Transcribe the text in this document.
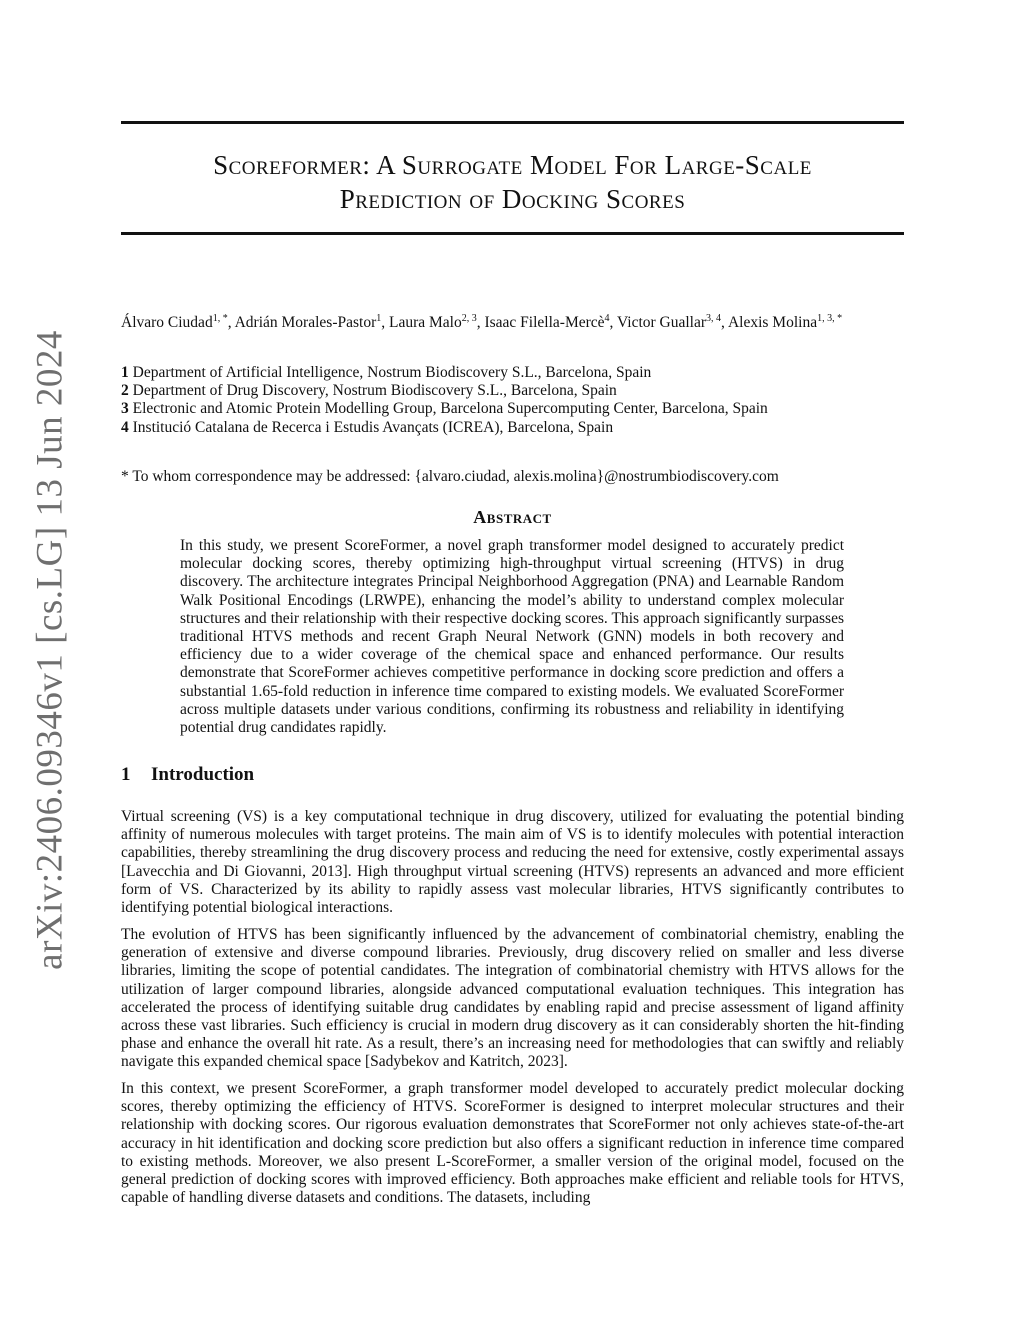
arXiv:2406.09346v1 [cs.LG] 13 Jun 2024
Scoreformer: A Surrogate Model For Large-Scale
Prediction of Docking Scores
Álvaro Ciudad$^{1, *}$, Adrián Morales-Pastor$^1$, Laura Malo$^{2, 3}$, Isaac Filella-Mercè$^4$, Victor Guallar$^{3, 4}$, Alexis Molina$^{1, 3, *}$
1 Department of Artificial Intelligence, Nostrum Biodiscovery S.L., Barcelona, Spain
2 Department of Drug Discovery, Nostrum Biodiscovery S.L., Barcelona, Spain
3 Electronic and Atomic Protein Modelling Group, Barcelona Supercomputing Center, Barcelona, Spain
4 Institució Catalana de Recerca i Estudis Avançats (ICREA), Barcelona, Spain
* To whom correspondence may be addressed: {alvaro.ciudad, alexis.molina}@nostrumbiodiscovery.com
Abstract
In this study, we present ScoreFormer, a novel graph transformer model designed to accurately predict molecular docking scores, thereby optimizing high-throughput virtual screening (HTVS) in drug discovery. The architecture integrates Principal Neighborhood Aggregation (PNA) and Learnable Random Walk Positional Encodings (LRWPE), enhancing the model’s ability to understand complex molecular structures and their relationship with their respective docking scores. This approach significantly surpasses traditional HTVS methods and recent Graph Neural Network (GNN) models in both recovery and efficiency due to a wider coverage of the chemical space and enhanced performance. Our results demonstrate that ScoreFormer achieves competitive performance in docking score prediction and offers a substantial 1.65-fold reduction in inference time compared to existing models. We evaluated ScoreFormer across multiple datasets under various conditions, confirming its robustness and reliability in identifying potential drug candidates rapidly.
1 Introduction
Virtual screening (VS) is a key computational technique in drug discovery, utilized for evaluating the potential binding affinity of numerous molecules with target proteins. The main aim of VS is to identify molecules with potential interaction capabilities, thereby streamlining the drug discovery process and reducing the need for extensive, costly experimental assays [Lavecchia and Di Giovanni, 2013]. High throughput virtual screening (HTVS) represents an advanced and more efficient form of VS. Characterized by its ability to rapidly assess vast molecular libraries, HTVS significantly contributes to identifying potential biological interactions.
The evolution of HTVS has been significantly influenced by the advancement of combinatorial chemistry, enabling the generation of extensive and diverse compound libraries. Previously, drug discovery relied on smaller and less diverse libraries, limiting the scope of potential candidates. The integration of combinatorial chemistry with HTVS allows for the utilization of larger compound libraries, alongside advanced computational evaluation techniques. This integration has accelerated the process of identifying suitable drug candidates by enabling rapid and precise assessment of ligand affinity across these vast libraries. Such efficiency is crucial in modern drug discovery as it can considerably shorten the hit-finding phase and enhance the overall hit rate. As a result, there’s an increasing need for methodologies that can swiftly and reliably navigate this expanded chemical space [Sadybekov and Katritch, 2023].
In this context, we present ScoreFormer, a graph transformer model developed to accurately predict molecular docking scores, thereby optimizing the efficiency of HTVS. ScoreFormer is designed to interpret molecular structures and their relationship with docking scores. Our rigorous evaluation demonstrates that ScoreFormer not only achieves state-of-the-art accuracy in hit identification and docking score prediction but also offers a significant reduction in inference time compared to existing methods. Moreover, we also present L-ScoreFormer, a smaller version of the original model, focused on the general prediction of docking scores with improved efficiency. Both approaches make efficient and reliable tools for HTVS, capable of handling diverse datasets and conditions. The datasets, including
